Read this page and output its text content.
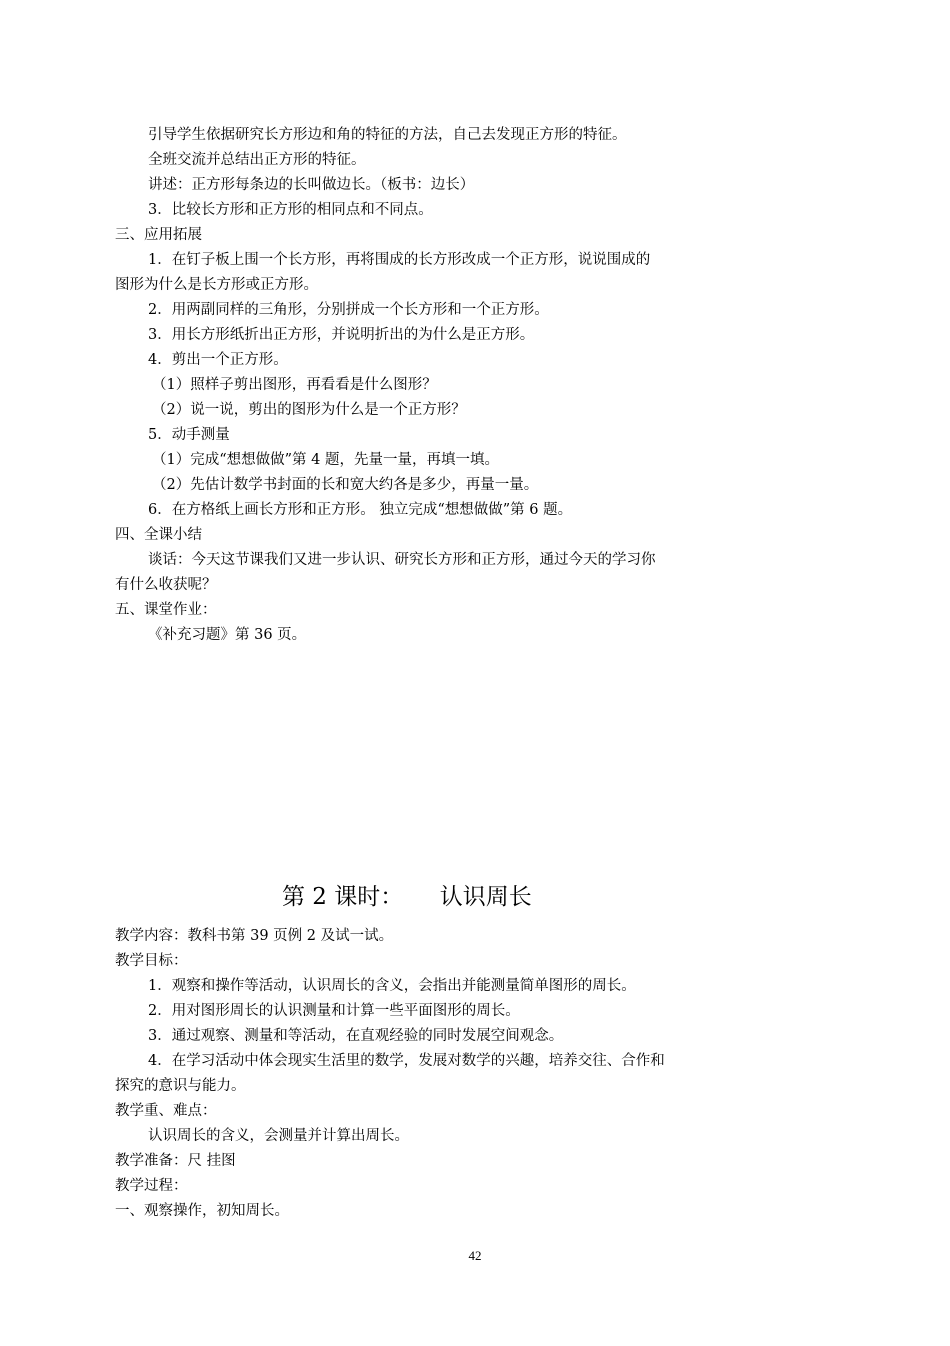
引导学生依据研究长方形边和角的特征的方法，自己去发现正方形的特征。
全班交流并总结出正方形的特征。
讲述：正方形每条边的长叫做边长。（板书：边长）
3．比较长方形和正方形的相同点和不同点。
三、应用拓展
1．在钉子板上围一个长方形，再将围成的长方形改成一个正方形，说说围成的
图形为什么是长方形或正方形。
2．用两副同样的三角形，分别拼成一个长方形和一个正方形。
3．用长方形纸折出正方形，并说明折出的为什么是正方形。
4．剪出一个正方形。
（1）照样子剪出图形，再看看是什么图形？
（2）说一说，剪出的图形为什么是一个正方形？
5．动手测量
（1）完成“想想做做”第 4 题，先量一量，再填一填。
（2）先估计数学书封面的长和宽大约各是多少，再量一量。
6．在方格纸上画长方形和正方形。 独立完成“想想做做”第 6 题。
四、全课小结
谈话：今天这节课我们又进一步认识、研究长方形和正方形，通过今天的学习你
有什么收获呢？
五、课堂作业：
《补充习题》第 36 页。
第 2 课时：     认识周长
教学内容：教科书第 39 页例 2 及试一试。
教学目标：
1．观察和操作等活动，认识周长的含义，会指出并能测量简单图形的周长。
2．用对图形周长的认识测量和计算一些平面图形的周长。
3．通过观察、测量和等活动，在直观经验的同时发展空间观念。
4．在学习活动中体会现实生活里的数学，发展对数学的兴趣，培养交往、合作和
探究的意识与能力。
教学重、难点：
认识周长的含义，会测量并计算出周长。
教学准备：尺 挂图
教学过程：
一、观察操作，初知周长。
42
